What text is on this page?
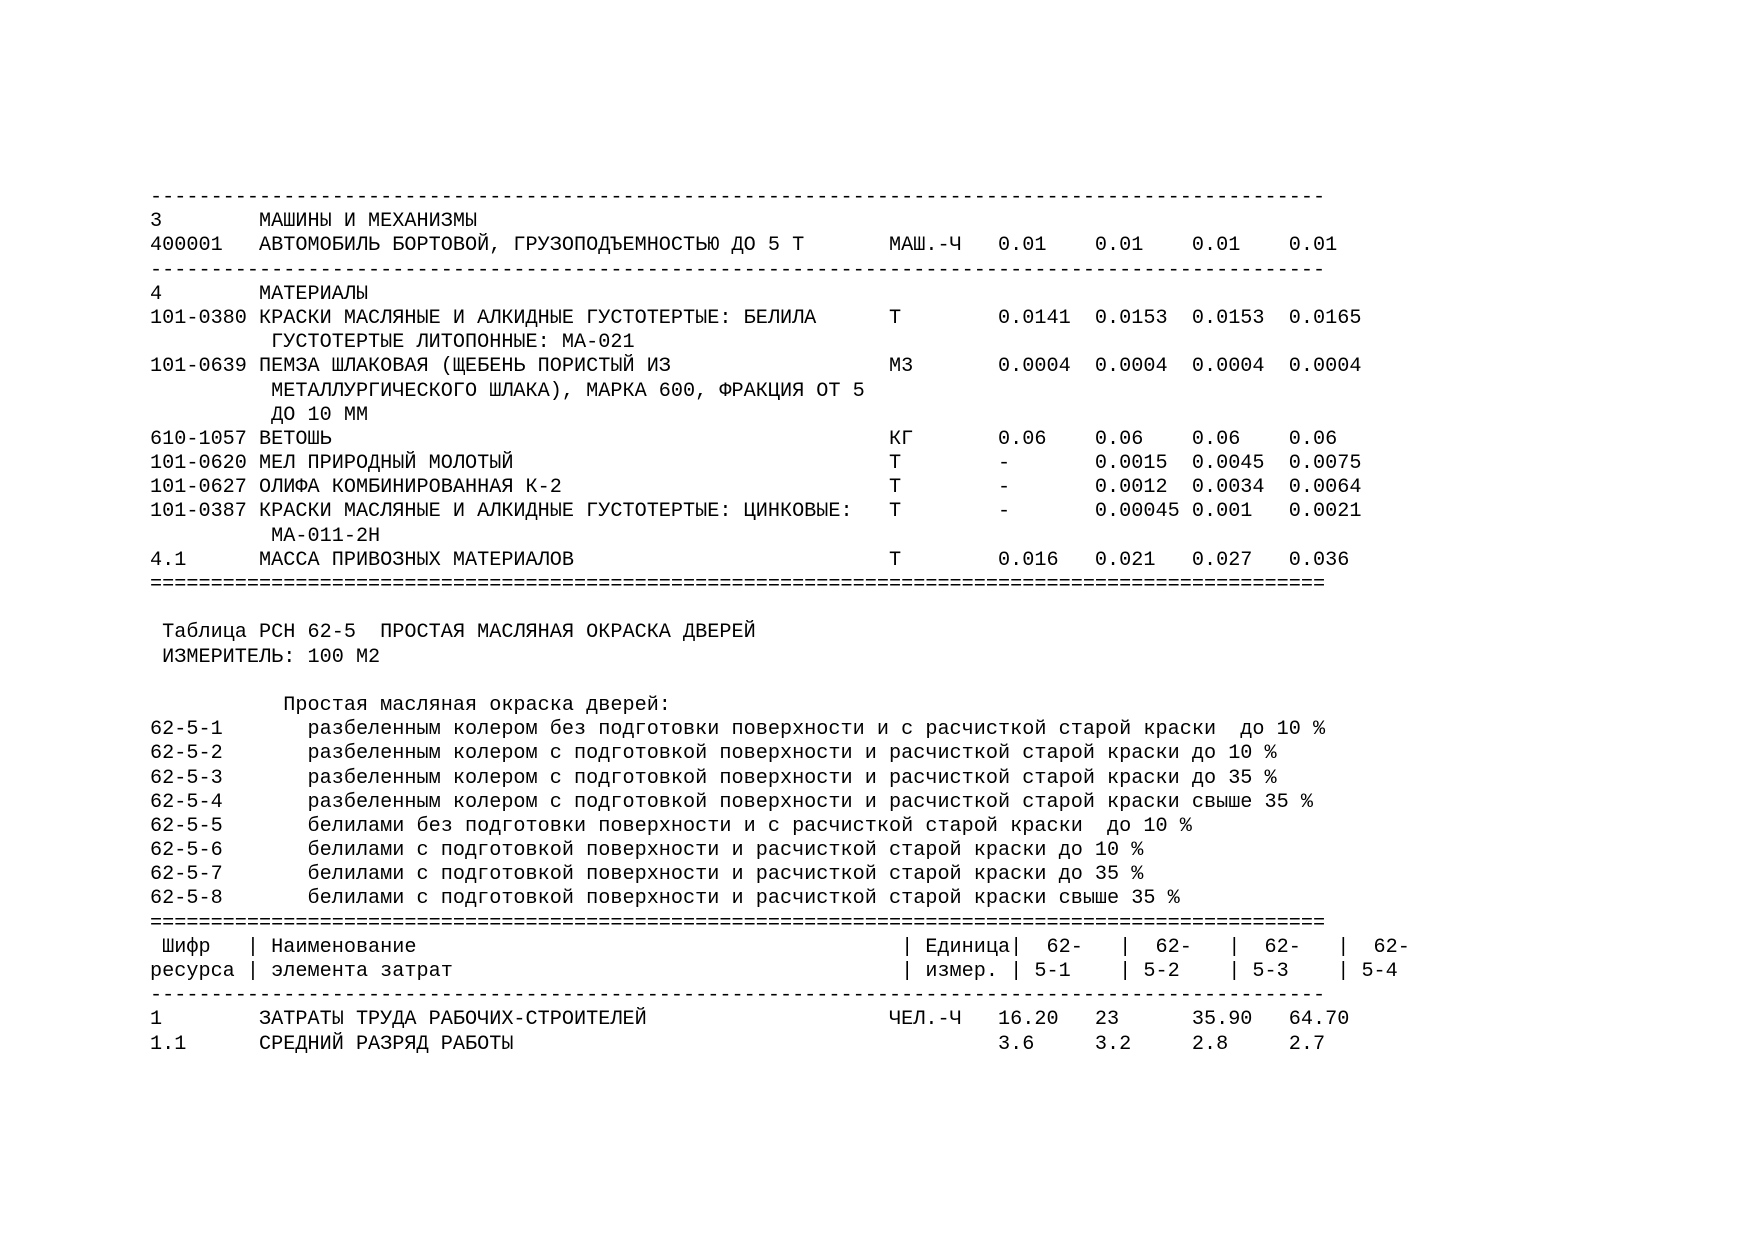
-------------------------------------------------------------------------------------------------
3        МАШИНЫ И МЕХАНИЗМЫ
400001   АВТОМОБИЛЬ БОРТОВОЙ, ГРУЗОПОДЪЕМНОСТЬЮ ДО 5 Т       МАШ.-Ч   0.01    0.01    0.01    0.01
-------------------------------------------------------------------------------------------------
4        МАТЕРИАЛЫ
101-0380 КРАСКИ МАСЛЯНЫЕ И АЛКИДНЫЕ ГУСТОТЕРТЫЕ: БЕЛИЛА      Т        0.0141  0.0153  0.0153  0.0165
ГУСТОТЕРТЫЕ ЛИТОПОННЫЕ: МА-021
101-0639 ПЕМЗА ШЛАКОВАЯ (ЩЕБЕНЬ ПОРИСТЫЙ ИЗ                  М3       0.0004  0.0004  0.0004  0.0004
МЕТАЛЛУРГИЧЕСКОГО ШЛАКА), МАРКА 600, ФРАКЦИЯ ОТ 5
ДО 10 ММ
610-1057 ВЕТОШЬ                                              КГ       0.06    0.06    0.06    0.06
101-0620 МЕЛ ПРИРОДНЫЙ МОЛОТЫЙ                               Т        -       0.0015  0.0045  0.0075
101-0627 ОЛИФА КОМБИНИРОВАННАЯ К-2                           Т        -       0.0012  0.0034  0.0064
101-0387 КРАСКИ МАСЛЯНЫЕ И АЛКИДНЫЕ ГУСТОТЕРТЫЕ: ЦИНКОВЫЕ:   Т        -       0.00045 0.001   0.0021
МА-011-2Н
4.1      МАССА ПРИВОЗНЫХ МАТЕРИАЛОВ                          Т        0.016   0.021   0.027   0.036
=================================================================================================
Таблица РСН 62-5  ПРОСТАЯ МАСЛЯНАЯ ОКРАСКА ДВЕРЕЙ
ИЗМЕРИТЕЛЬ: 100 М2
Простая масляная окраска дверей:
62-5-1       разбеленным колером без подготовки поверхности и с расчисткой старой краски  до 10 %
62-5-2       разбеленным колером с подготовкой поверхности и расчисткой старой краски до 10 %
62-5-3       разбеленным колером с подготовкой поверхности и расчисткой старой краски до 35 %
62-5-4       разбеленным колером с подготовкой поверхности и расчисткой старой краски свыше 35 %
62-5-5       белилами без подготовки поверхности и с расчисткой старой краски  до 10 %
62-5-6       белилами с подготовкой поверхности и расчисткой старой краски до 10 %
62-5-7       белилами с подготовкой поверхности и расчисткой старой краски до 35 %
62-5-8       белилами с подготовкой поверхности и расчисткой старой краски свыше 35 %
=================================================================================================
Шифр   | Наименование                                        | Единица|  62-   |  62-   |  62-   |  62-
ресурса | элемента затрат                                     | измер. | 5-1    | 5-2    | 5-3    | 5-4
-------------------------------------------------------------------------------------------------
1        ЗАТРАТЫ ТРУДА РАБОЧИХ-СТРОИТЕЛЕЙ                    ЧЕЛ.-Ч   16.20   23      35.90   64.70
1.1      СРЕДНИЙ РАЗРЯД РАБОТЫ                                        3.6     3.2     2.8     2.7
